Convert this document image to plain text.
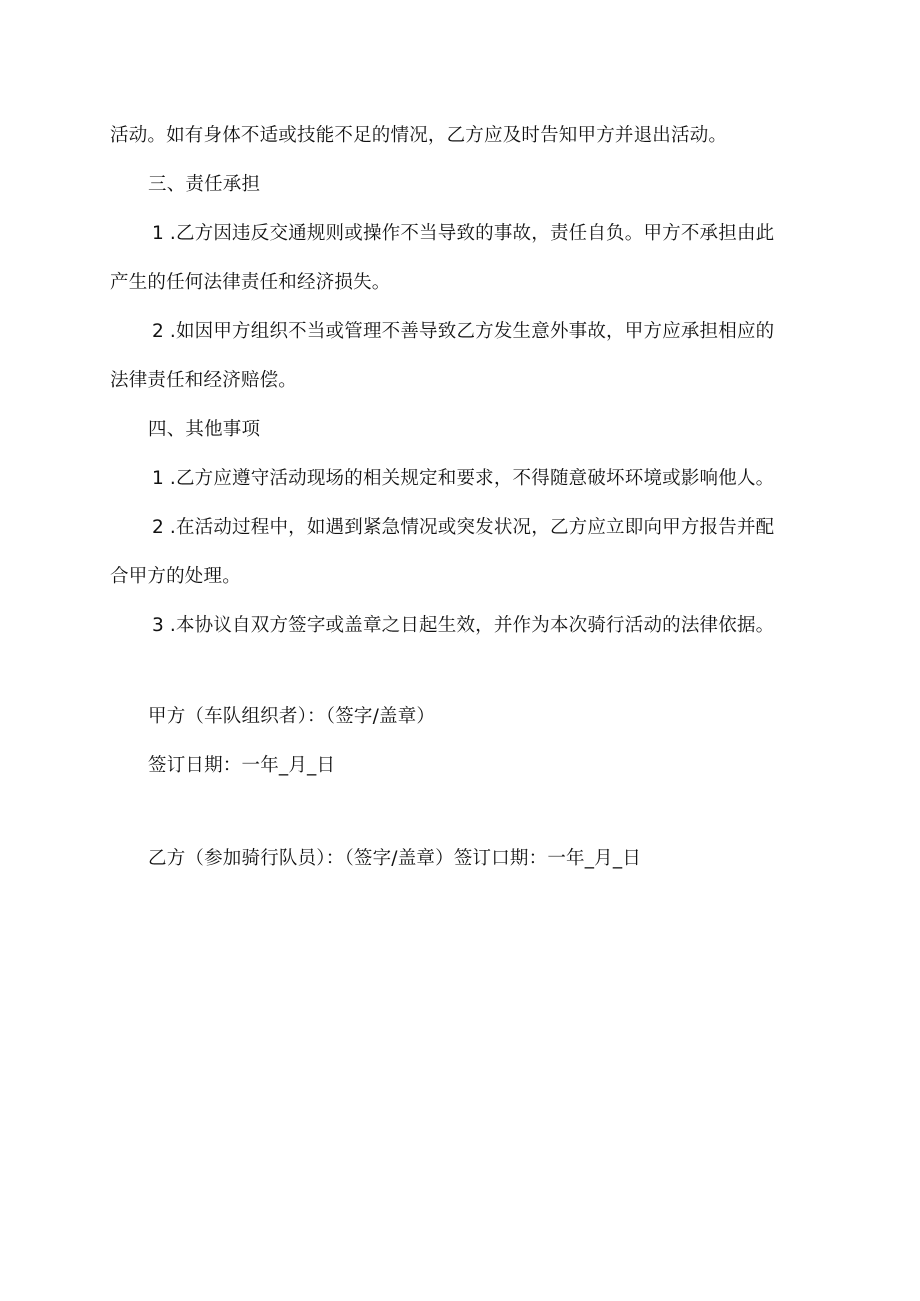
活动。如有身体不适或技能不足的情况，乙方应及时告知甲方并退出活动。
三、责任承担
1 .乙方因违反交通规则或操作不当导致的事故，责任自负。甲方不承担由此
产生的任何法律责任和经济损失。
2 .如因甲方组织不当或管理不善导致乙方发生意外事故，甲方应承担相应的
法律责任和经济赔偿。
四、其他事项
1 .乙方应遵守活动现场的相关规定和要求，不得随意破坏环境或影响他人。
2 .在活动过程中，如遇到紧急情况或突发状况，乙方应立即向甲方报告并配
合甲方的处理。
3 .本协议自双方签字或盖章之日起生效，并作为本次骑行活动的法律依据。
甲方（车队组织者）：（签字/盖章）
签订日期：一年_月_日
乙方（参加骑行队员）：（签字/盖章）签订口期：一年_月_日
